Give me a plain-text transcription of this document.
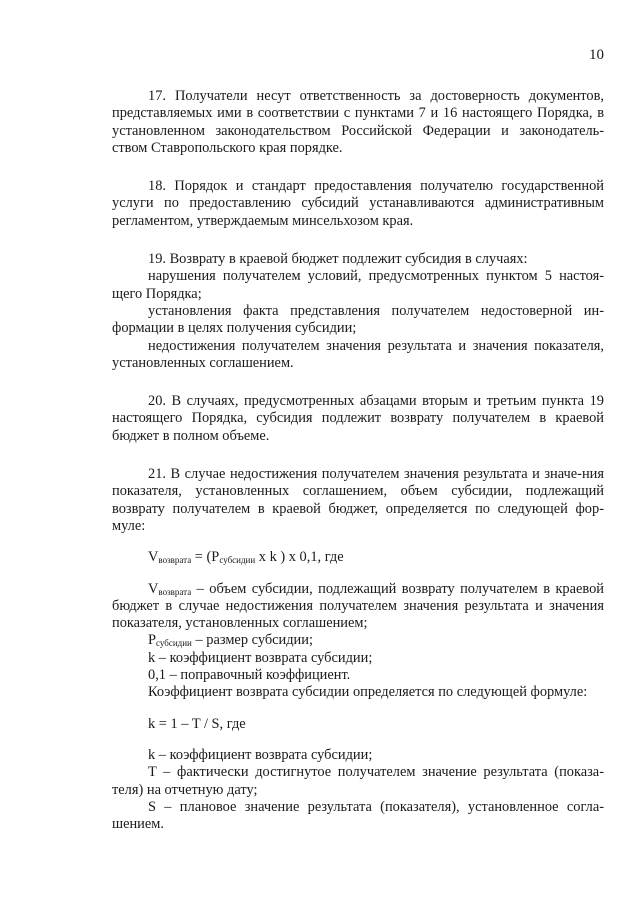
10

17. Получатели несут ответственность за достоверность документов, представляемых ими в соответствии с пунктами 7 и 16 настоящего Порядка, в установленном законодательством Российской Федерации и законодатель-ством Ставропольского края порядке.

18. Порядок и стандарт предоставления получателю государственной услуги по предоставлению субсидий устанавливаются административным регламентом, утверждаемым минсельхозом края.

19. Возврату в краевой бюджет подлежит субсидия в случаях:

нарушения получателем условий, предусмотренных пунктом 5 настоя-щего Порядка;

установления факта представления получателем недостоверной ин-формации в целях получения субсидии;

недостижения получателем значения результата и значения показателя, установленных соглашением.

20. В случаях, предусмотренных абзацами вторым и третьим пункта 19 настоящего Порядка, субсидия подлежит возврату получателем в краевой бюджет в полном объеме.

21. В случае недостижения получателем значения результата и значе-ния показателя, установленных соглашением, объем субсидии, подлежащий возврату получателем в краевой бюджет, определяется по следующей фор-муле:

$V_{возврата} = (P_{субсидии}$ x k ) x 0,1, где

$V_{возврата}$ – объем субсидии, подлежащий возврату получателем в краевой бюджет в случае недостижения получателем значения результата и значения показателя, установленных соглашением;

$P_{субсидии}$ – размер субсидии;

k – коэффициент возврата субсидии;

0,1 – поправочный коэффициент.

Коэффициент возврата субсидии определяется по следующей формуле:

k = 1 – T / S, где

k – коэффициент возврата субсидии;

T – фактически достигнутое получателем значение результата (показа-теля) на отчетную дату;

S – плановое значение результата (показателя), установленное согла-шением.
